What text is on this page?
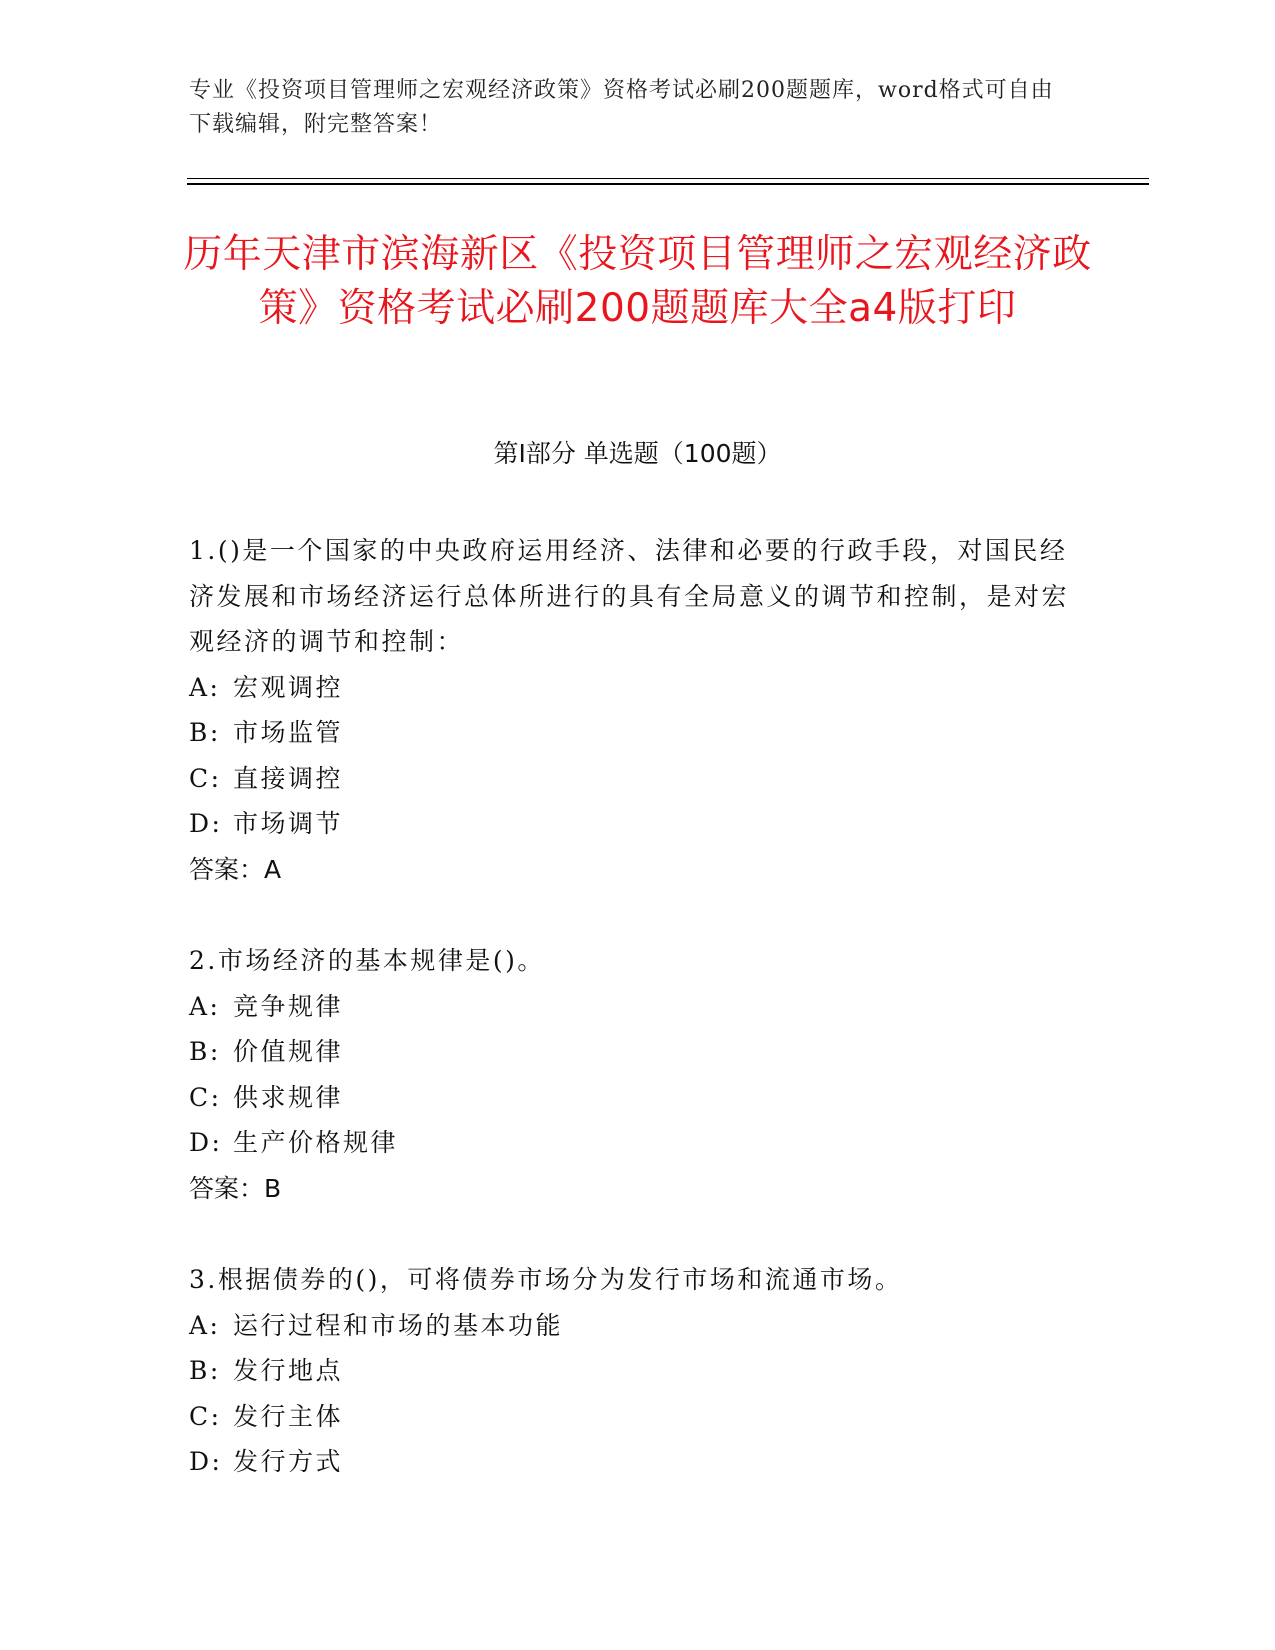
专业《投资项目管理师之宏观经济政策》资格考试必刷200题题库，word格式可自由下载编辑，附完整答案！
历年天津市滨海新区《投资项目管理师之宏观经济政策》资格考试必刷200题题库大全a4版打印
第Ⅰ部分 单选题（100题）
1.()是一个国家的中央政府运用经济、法律和必要的行政手段，对国民经济发展和市场经济运行总体所进行的具有全局意义的调节和控制，是对宏观经济的调节和控制：
A: 宏观调控
B: 市场监管
C: 直接调控
D: 市场调节
答案：A
2.市场经济的基本规律是()。
A: 竞争规律
B: 价值规律
C: 供求规律
D: 生产价格规律
答案：B
3.根据债券的()，可将债券市场分为发行市场和流通市场。
A: 运行过程和市场的基本功能
B: 发行地点
C: 发行主体
D: 发行方式
